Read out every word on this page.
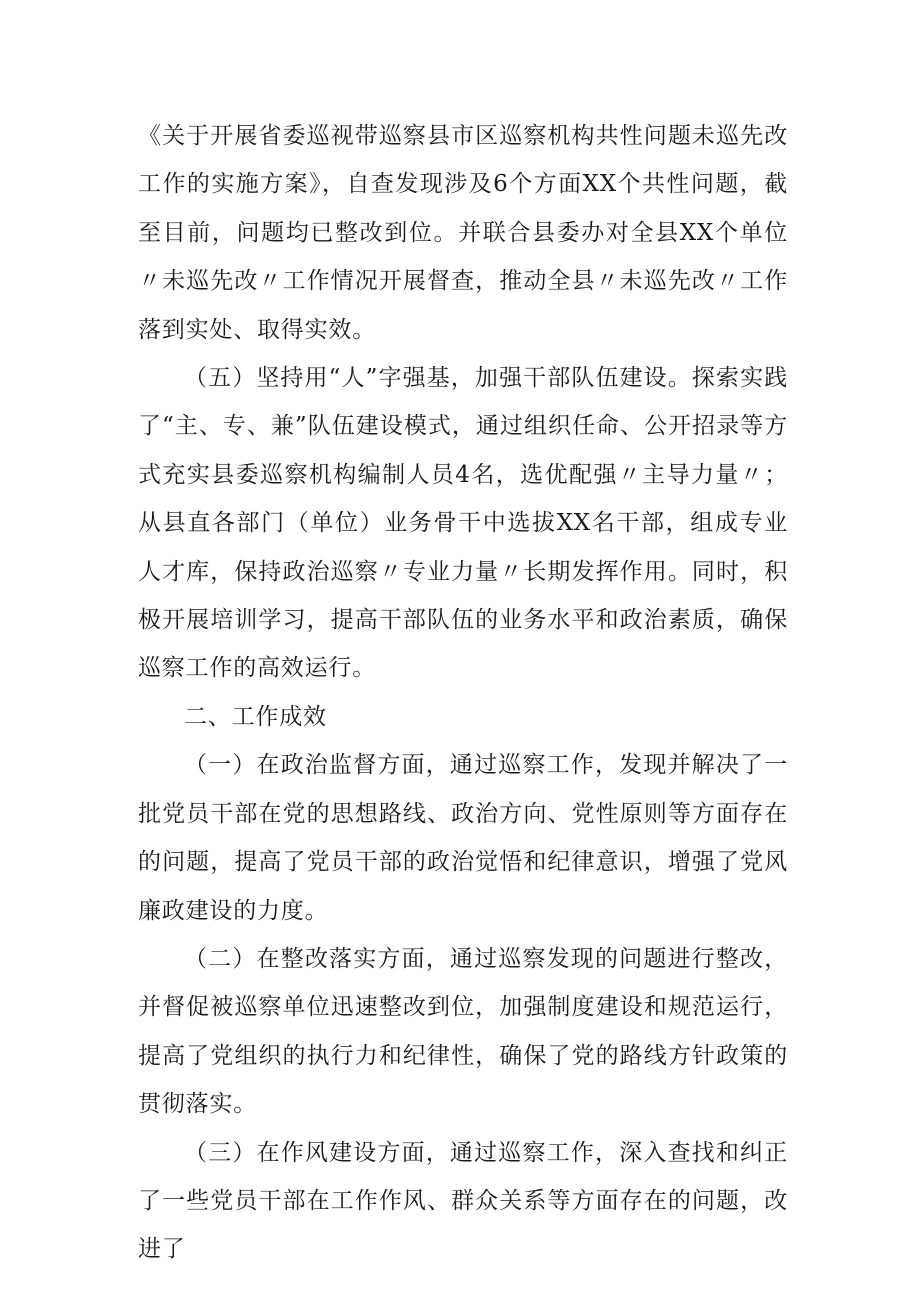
《关于开展省委巡视带巡察县市区巡察机构共性问题未巡先改工作的实施方案》，自查发现涉及6个方面XX个共性问题，截至目前，问题均已整改到位。并联合县委办对全县XX个单位〃未巡先改〃工作情况开展督查，推动全县〃未巡先改〃工作落到实处、取得实效。

（五）坚持用“人”字强基，加强干部队伍建设。探索实践了“主、专、兼”队伍建设模式，通过组织任命、公开招录等方式充实县委巡察机构编制人员4名，选优配强〃主导力量〃；从县直各部门（单位）业务骨干中选拔XX名干部，组成专业人才库，保持政治巡察〃专业力量〃长期发挥作用。同时，积极开展培训学习，提高干部队伍的业务水平和政治素质，确保巡察工作的高效运行。

二、工作成效

（一）在政治监督方面，通过巡察工作，发现并解决了一批党员干部在党的思想路线、政治方向、党性原则等方面存在的问题，提高了党员干部的政治觉悟和纪律意识，增强了党风廉政建设的力度。

（二）在整改落实方面，通过巡察发现的问题进行整改，并督促被巡察单位迅速整改到位，加强制度建设和规范运行，提高了党组织的执行力和纪律性，确保了党的路线方针政策的贯彻落实。

（三）在作风建设方面，通过巡察工作，深入查找和纠正了一些党员干部在工作作风、群众关系等方面存在的问题，改进了
